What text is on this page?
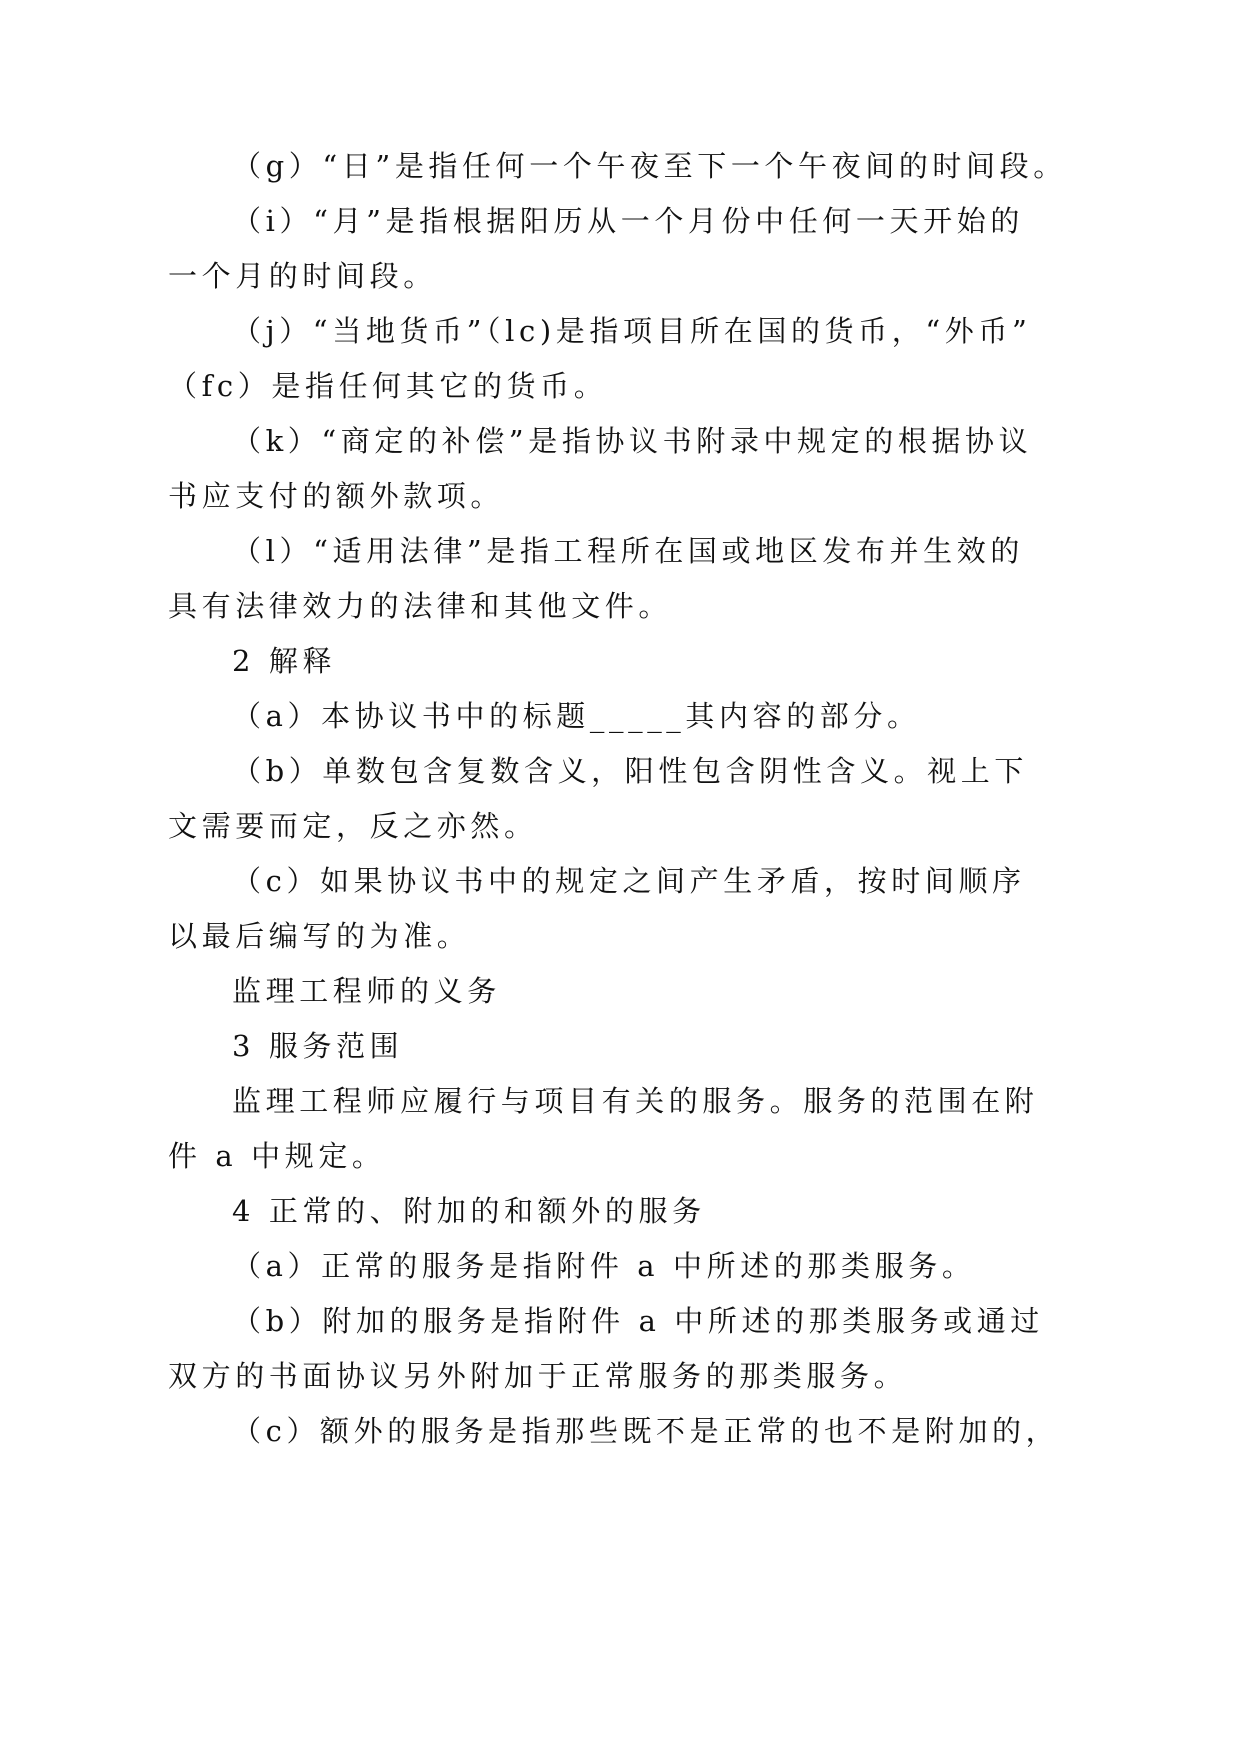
（g）“日”是指任何一个午夜至下一个午夜间的时间段。
（i）“月”是指根据阳历从一个月份中任何一天开始的
一个月的时间段。
（j）“当地货币”（lc)是指项目所在国的货币，“外币”
（fc）是指任何其它的货币。
（k）“商定的补偿”是指协议书附录中规定的根据协议
书应支付的额外款项。
（l）“适用法律”是指工程所在国或地区发布并生效的
具有法律效力的法律和其他文件。
2 解释
（a）本协议书中的标题_____其内容的部分。
（b）单数包含复数含义，阳性包含阴性含义。视上下
文需要而定，反之亦然。
（c）如果协议书中的规定之间产生矛盾，按时间顺序
以最后编写的为准。
监理工程师的义务
3 服务范围
监理工程师应履行与项目有关的服务。服务的范围在附
件 a 中规定。
4 正常的、附加的和额外的服务
（a）正常的服务是指附件 a 中所述的那类服务。
（b）附加的服务是指附件 a 中所述的那类服务或通过
双方的书面协议另外附加于正常服务的那类服务。
（c）额外的服务是指那些既不是正常的也不是附加的，
